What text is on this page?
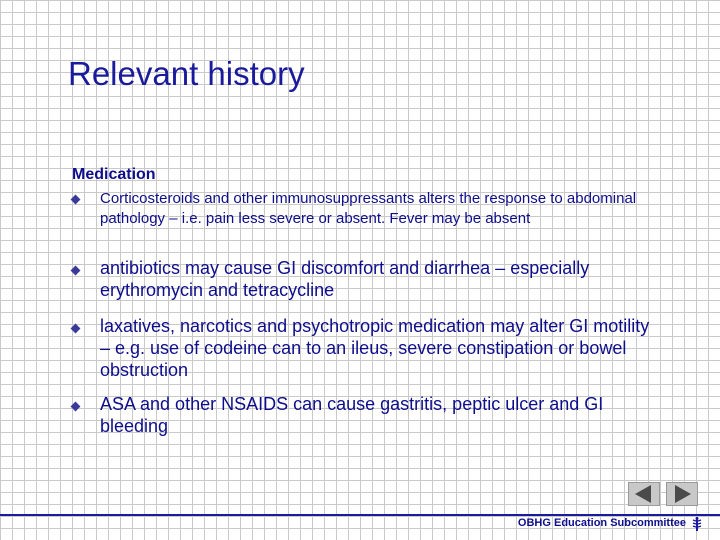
Relevant history
Medication
Corticosteroids and other immunosuppressants alters the response to abdominal pathology – i.e. pain less severe or absent. Fever may be absent
antibiotics may cause GI discomfort and diarrhea – especially erythromycin and tetracycline
laxatives, narcotics and psychotropic medication may alter GI motility – e.g. use of codeine can to an ileus, severe constipation or bowel obstruction
ASA and other NSAIDS can cause gastritis, peptic ulcer and GI bleeding
OBHG Education Subcommittee
